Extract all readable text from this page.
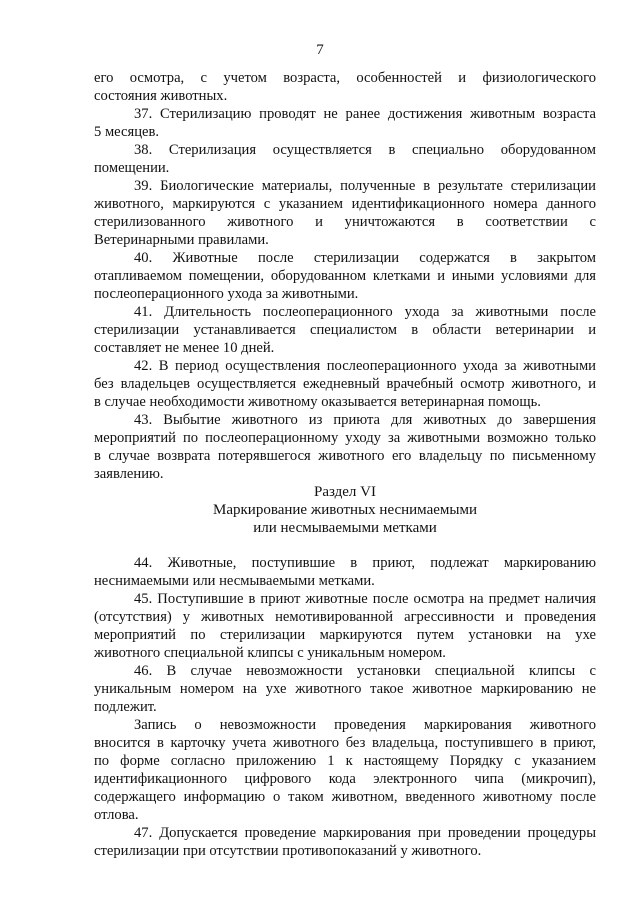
7
его осмотра, с учетом возраста, особенностей и физиологического
состояния животных.
37. Стерилизацию проводят не ранее достижения животным возраста
5 месяцев.
38. Стерилизация осуществляется в специально оборудованном
помещении.
39. Биологические материалы, полученные в результате стерилизации
животного, маркируются с указанием идентификационного номера данного
стерилизованного животного и уничтожаются в соответствии с
Ветеринарными правилами.
40. Животные после стерилизации содержатся в закрытом
отапливаемом помещении, оборудованном клетками и иными условиями для
послеоперационного ухода за животными.
41. Длительность послеоперационного ухода за животными после
стерилизации устанавливается специалистом в области ветеринарии и
составляет не менее 10 дней.
42. В период осуществления послеоперационного ухода за животными
без владельцев осуществляется ежедневный врачебный осмотр животного, и
в случае необходимости животному оказывается ветеринарная помощь.
43. Выбытие животного из приюта для животных до завершения
мероприятий по послеоперационному уходу за животными возможно только
в случае возврата потерявшегося животного его владельцу по письменному
заявлению.
Раздел VI
Маркирование животных неснимаемыми
или несмываемыми метками
44. Животные, поступившие в приют, подлежат маркированию
неснимаемыми или несмываемыми метками.
45. Поступившие в приют животные после осмотра на предмет наличия
(отсутствия) у животных немотивированной агрессивности и проведения
мероприятий по стерилизации маркируются путем установки на ухе
животного специальной клипсы с уникальным номером.
46. В случае невозможности установки специальной клипсы с
уникальным номером на ухе животного такое животное маркированию не
подлежит.
Запись о невозможности проведения маркирования животного
вносится в карточку учета животного без владельца, поступившего в приют,
по форме согласно приложению 1 к настоящему Порядку с указанием
идентификационного цифрового кода электронного чипа (микрочип),
содержащего информацию о таком животном, введенного животному после
отлова.
47. Допускается проведение маркирования при проведении процедуры
стерилизации при отсутствии противопоказаний у животного.
